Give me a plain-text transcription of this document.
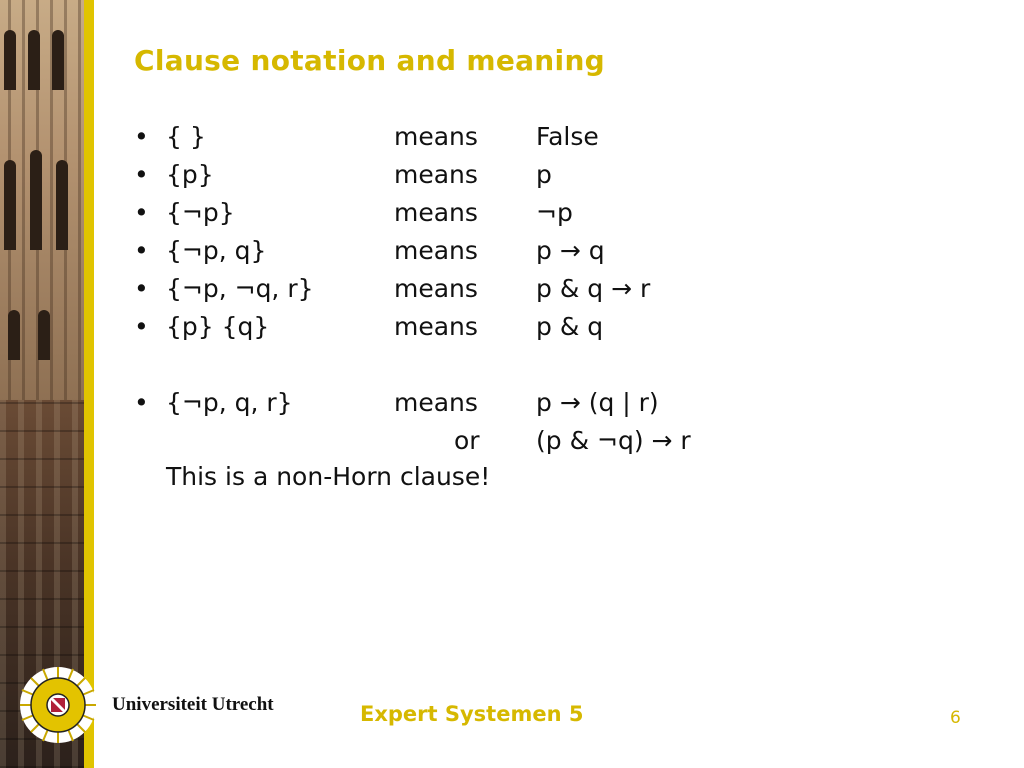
Clause notation and meaning
• { }	means False
• {p}	means p
• {¬p}	means ¬p
• {¬p, q}	means p → q
• {¬p, ¬q, r}	means p & q → r
• {p} {q}	means p & q
• {¬p, q, r}	means p → (q | r)
or (p & ¬q) → r
This is a non-Horn clause!
Universiteit Utrecht	Expert Systemen 5	6
